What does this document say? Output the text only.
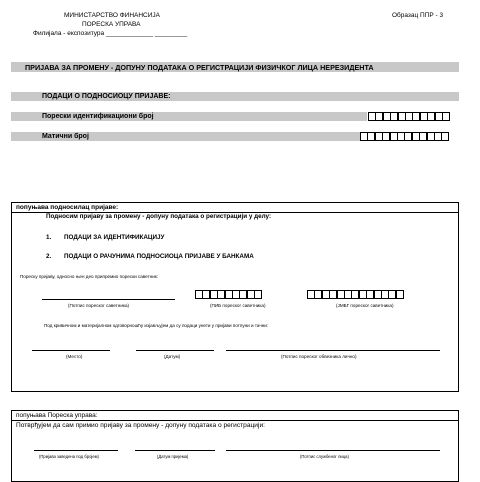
МИНИСТАРСТВО ФИНАНСИЈА
ПОРЕСКА УПРАВА
Филијала - експозитура _____________ _________
Образац ППР - 3
ПРИЈАВА ЗА ПРОМЕНУ - ДОПУНУ ПОДАТАКА О РЕГИСТРАЦИЈИ ФИЗИЧКОГ ЛИЦА НЕРЕЗИДЕНТА
ПОДАЦИ О ПОДНОСИОЦУ ПРИЈАВЕ:
Порески идентификациони број
Матични број
попуњава подносилац пријаве:
Подносим пријаву за промену - допуну података о регистрацији у делу:
1. ПОДАЦИ ЗА ИДЕНТИФИКАЦИЈУ
2. ПОДАЦИ О РАЧУНИМА ПОДНОСИОЦА ПРИЈАВЕ У БАНКАМА
Пореску пријаву, односно њен део припремио порески саветник:
(Потпис пореског саветника)	(ПИБ пореског саветника)	(ЈМБГ пореског саветника)
Под кривичном и материјалном одговорношћу изјављујем да су подаци унети у пријави потпуни и тачни:
(Место)	(Датум)	(Потпис пореског обвезника лично)
попуњава Пореска управа:
Потврђујем да сам примио пријаву за промену - допуну података о регистрацији:
(Пријава заведена под бројем)	(Датум пријема)	(Потпис службеног лица)
